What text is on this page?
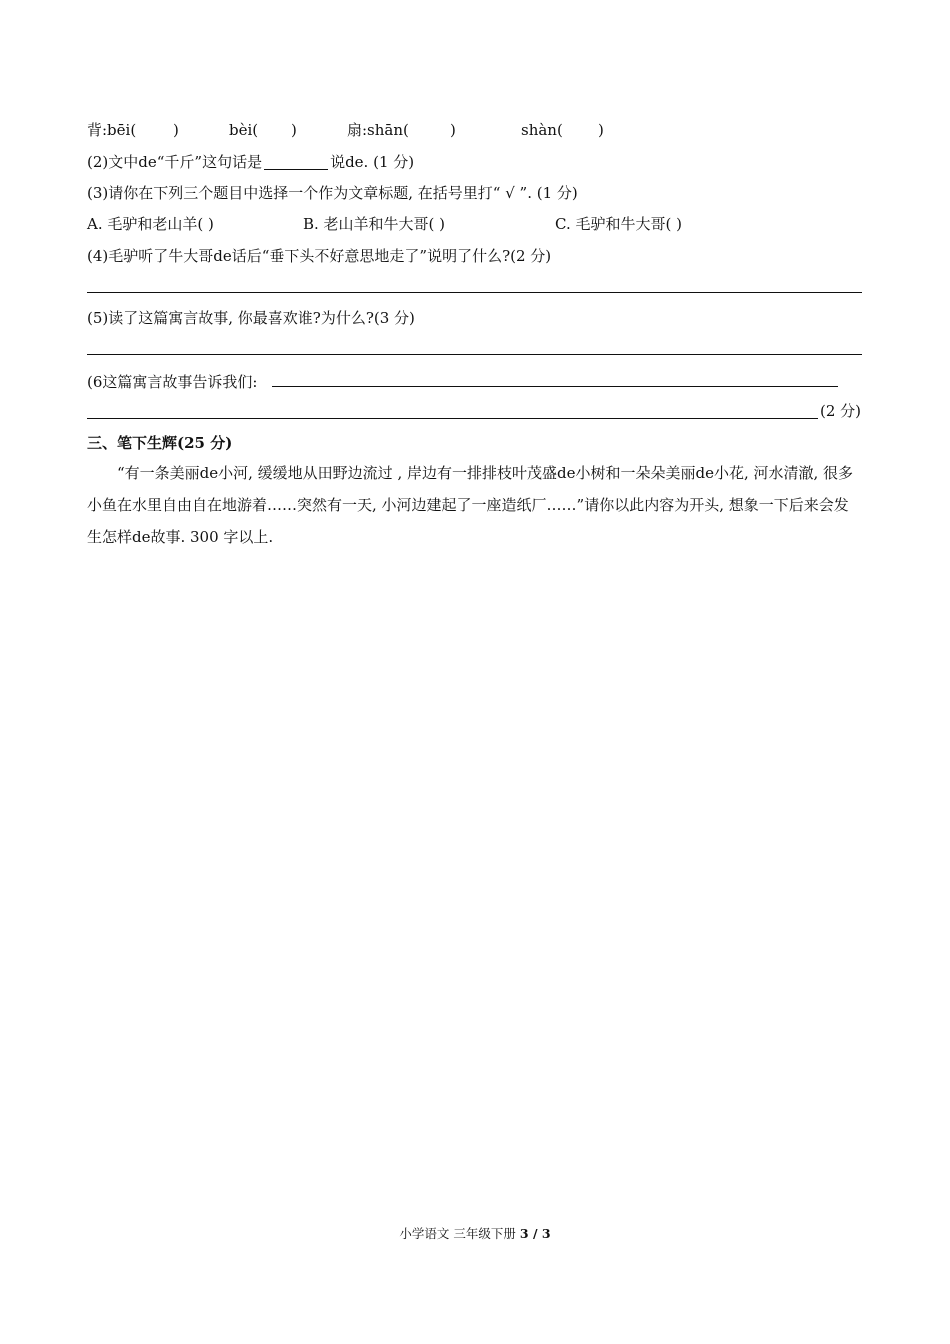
背:bēi( )	bèi( )	扇:shān(	)	shàn( )
(2)文中de“千斤”这句话是	说de. (1 分)
(3)请你在下列三个题目中选择一个作为文章标题, 在括号里打“ √ ”. (1 分)
A. 毛驴和老山羊( )	B. 老山羊和牛大哥( )	C. 毛驴和牛大哥( )
(4)毛驴听了牛大哥de话后“垂下头不好意思地走了”说明了什么?(2 分)
(5)读了这篇寓言故事, 你最喜欢谁?为什么?(3 分)
(6这篇寓言故事告诉我们:
(2 分)
三、笔下生辉(25 分)
“有一条美丽de小河, 缓缓地从田野边流过 , 岸边有一排排枝叶茂盛de小树和一朵朵美丽de小花, 河水清澈, 很多小鱼在水里自由自在地游着……突然有一天, 小河边建起了一座造纸厂……”请你以此内容为开头, 想象一下后来会发生怎样de故事. 300 字以上.
小学语文 三年级下册 3 / 3
